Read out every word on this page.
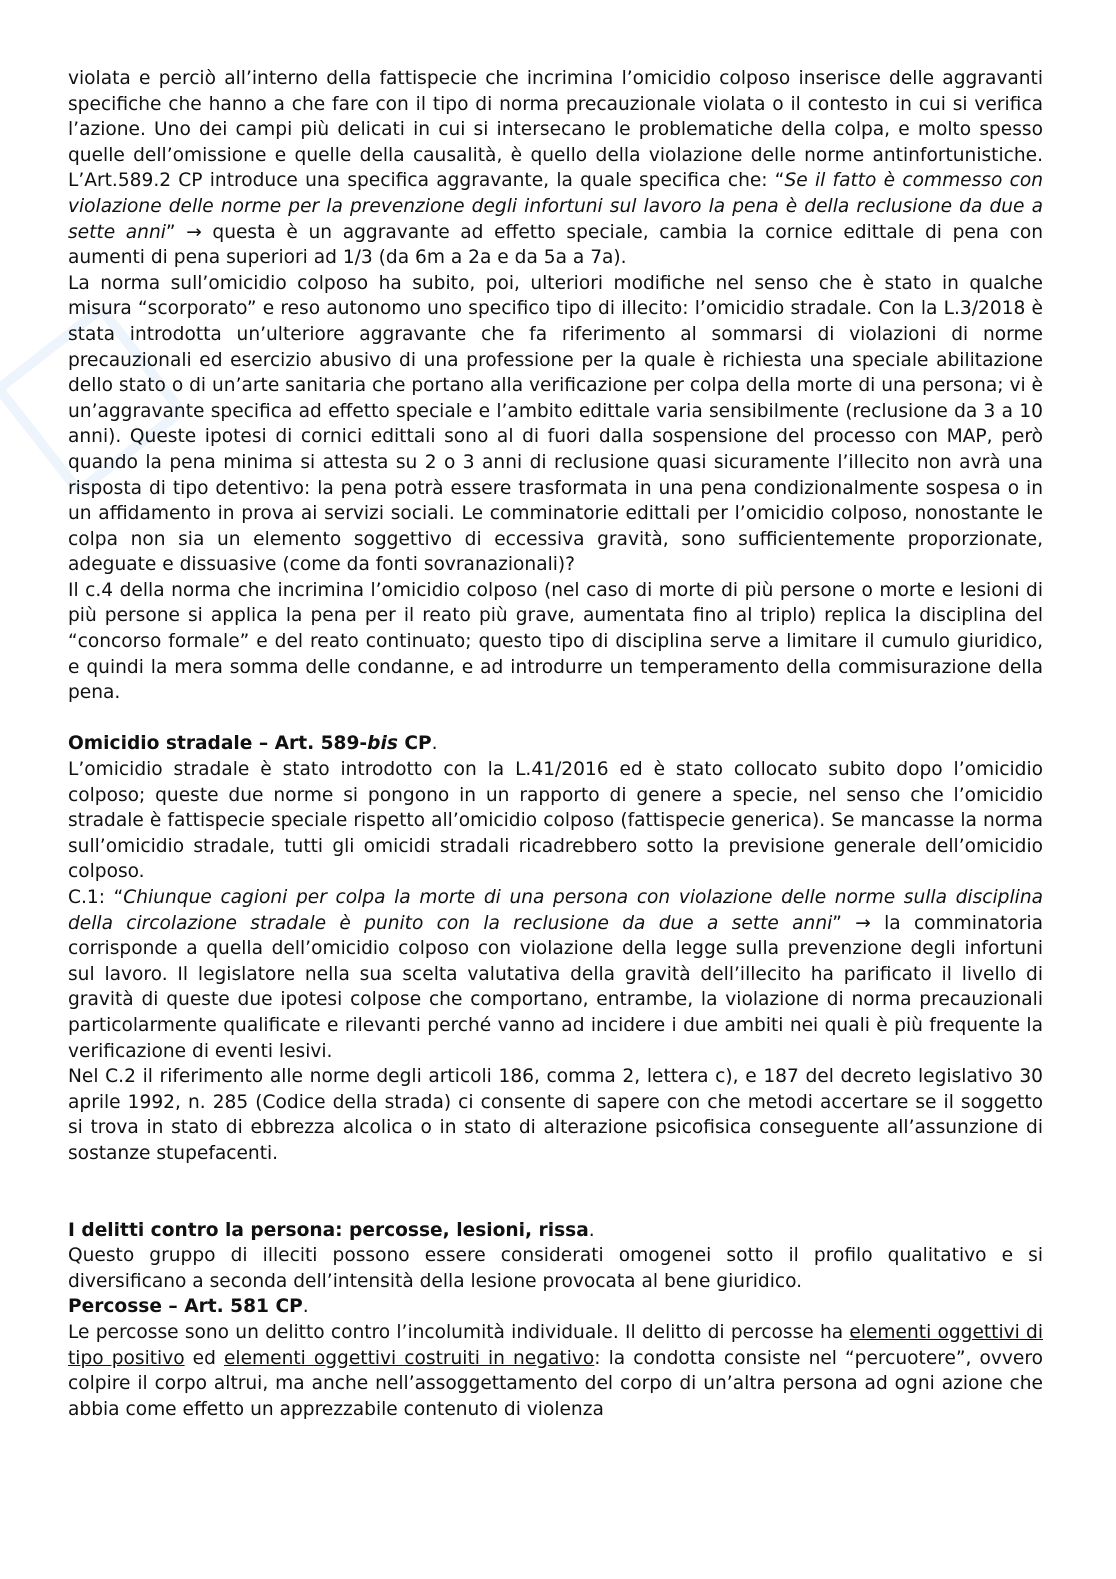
violata e perciò all’interno della fattispecie che incrimina l’omicidio colposo inserisce delle aggravanti specifiche che hanno a che fare con il tipo di norma precauzionale violata o il contesto in cui si verifica l’azione. Uno dei campi più delicati in cui si intersecano le problematiche della colpa, e molto spesso quelle dell’omissione e quelle della causalità, è quello della violazione delle norme antinfortunistiche. L’Art.589.2 CP introduce una specifica aggravante, la quale specifica che: “Se il fatto è commesso con violazione delle norme per la prevenzione degli infortuni sul lavoro la pena è della reclusione da due a sette anni” → questa è un aggravante ad effetto speciale, cambia la cornice edittale di pena con aumenti di pena superiori ad 1/3 (da 6m a 2a e da 5a a 7a).

La norma sull’omicidio colposo ha subito, poi, ulteriori modifiche nel senso che è stato in qualche misura “scorporato” e reso autonomo uno specifico tipo di illecito: l’omicidio stradale. Con la L.3/2018 è stata introdotta un’ulteriore aggravante che fa riferimento al sommarsi di violazioni di norme precauzionali ed esercizio abusivo di una professione per la quale è richiesta una speciale abilitazione dello stato o di un’arte sanitaria che portano alla verificazione per colpa della morte di una persona; vi è un’aggravante specifica ad effetto speciale e l’ambito edittale varia sensibilmente (reclusione da 3 a 10 anni). Queste ipotesi di cornici edittali sono al di fuori dalla sospensione del processo con MAP, però quando la pena minima si attesta su 2 o 3 anni di reclusione quasi sicuramente l’illecito non avrà una risposta di tipo detentivo: la pena potrà essere trasformata in una pena condizionalmente sospesa o in un affidamento in prova ai servizi sociali. Le comminatorie edittali per l’omicidio colposo, nonostante le colpa non sia un elemento soggettivo di eccessiva gravità, sono sufficientemente proporzionate, adeguate e dissuasive (come da fonti sovranazionali)?

Il c.4 della norma che incrimina l’omicidio colposo (nel caso di morte di più persone o morte e lesioni di più persone si applica la pena per il reato più grave, aumentata fino al triplo) replica la disciplina del “concorso formale” e del reato continuato; questo tipo di disciplina serve a limitare il cumulo giuridico, e quindi la mera somma delle condanne, e ad introdurre un temperamento della commisurazione della pena.

Omicidio stradale – Art. 589-bis CP.

L’omicidio stradale è stato introdotto con la L.41/2016 ed è stato collocato subito dopo l’omicidio colposo; queste due norme si pongono in un rapporto di genere a specie, nel senso che l’omicidio stradale è fattispecie speciale rispetto all’omicidio colposo (fattispecie generica). Se mancasse la norma sull’omicidio stradale, tutti gli omicidi stradali ricadrebbero sotto la previsione generale dell’omicidio colposo.

C.1: “Chiunque cagioni per colpa la morte di una persona con violazione delle norme sulla disciplina della circolazione stradale è punito con la reclusione da due a sette anni” → la comminatoria corrisponde a quella dell’omicidio colposo con violazione della legge sulla prevenzione degli infortuni sul lavoro. Il legislatore nella sua scelta valutativa della gravità dell’illecito ha parificato il livello di gravità di queste due ipotesi colpose che comportano, entrambe, la violazione di norma precauzionali particolarmente qualificate e rilevanti perché vanno ad incidere i due ambiti nei quali è più frequente la verificazione di eventi lesivi.

Nel C.2 il riferimento alle norme degli articoli 186, comma 2, lettera c), e 187 del decreto legislativo 30 aprile 1992, n. 285 (Codice della strada) ci consente di sapere con che metodi accertare se il soggetto si trova in stato di ebbrezza alcolica o in stato di alterazione psicofisica conseguente all’assunzione di sostanze stupefacenti.

I delitti contro la persona: percosse, lesioni, rissa.

Questo gruppo di illeciti possono essere considerati omogenei sotto il profilo qualitativo e si diversificano a seconda dell’intensità della lesione provocata al bene giuridico.

Percosse – Art. 581 CP.

Le percosse sono un delitto contro l’incolumità individuale. Il delitto di percosse ha elementi oggettivi di tipo positivo ed elementi oggettivi costruiti in negativo: la condotta consiste nel “percuotere”, ovvero colpire il corpo altrui, ma anche nell’assoggettamento del corpo di un’altra persona ad ogni azione che abbia come effetto un apprezzabile contenuto di violenza
